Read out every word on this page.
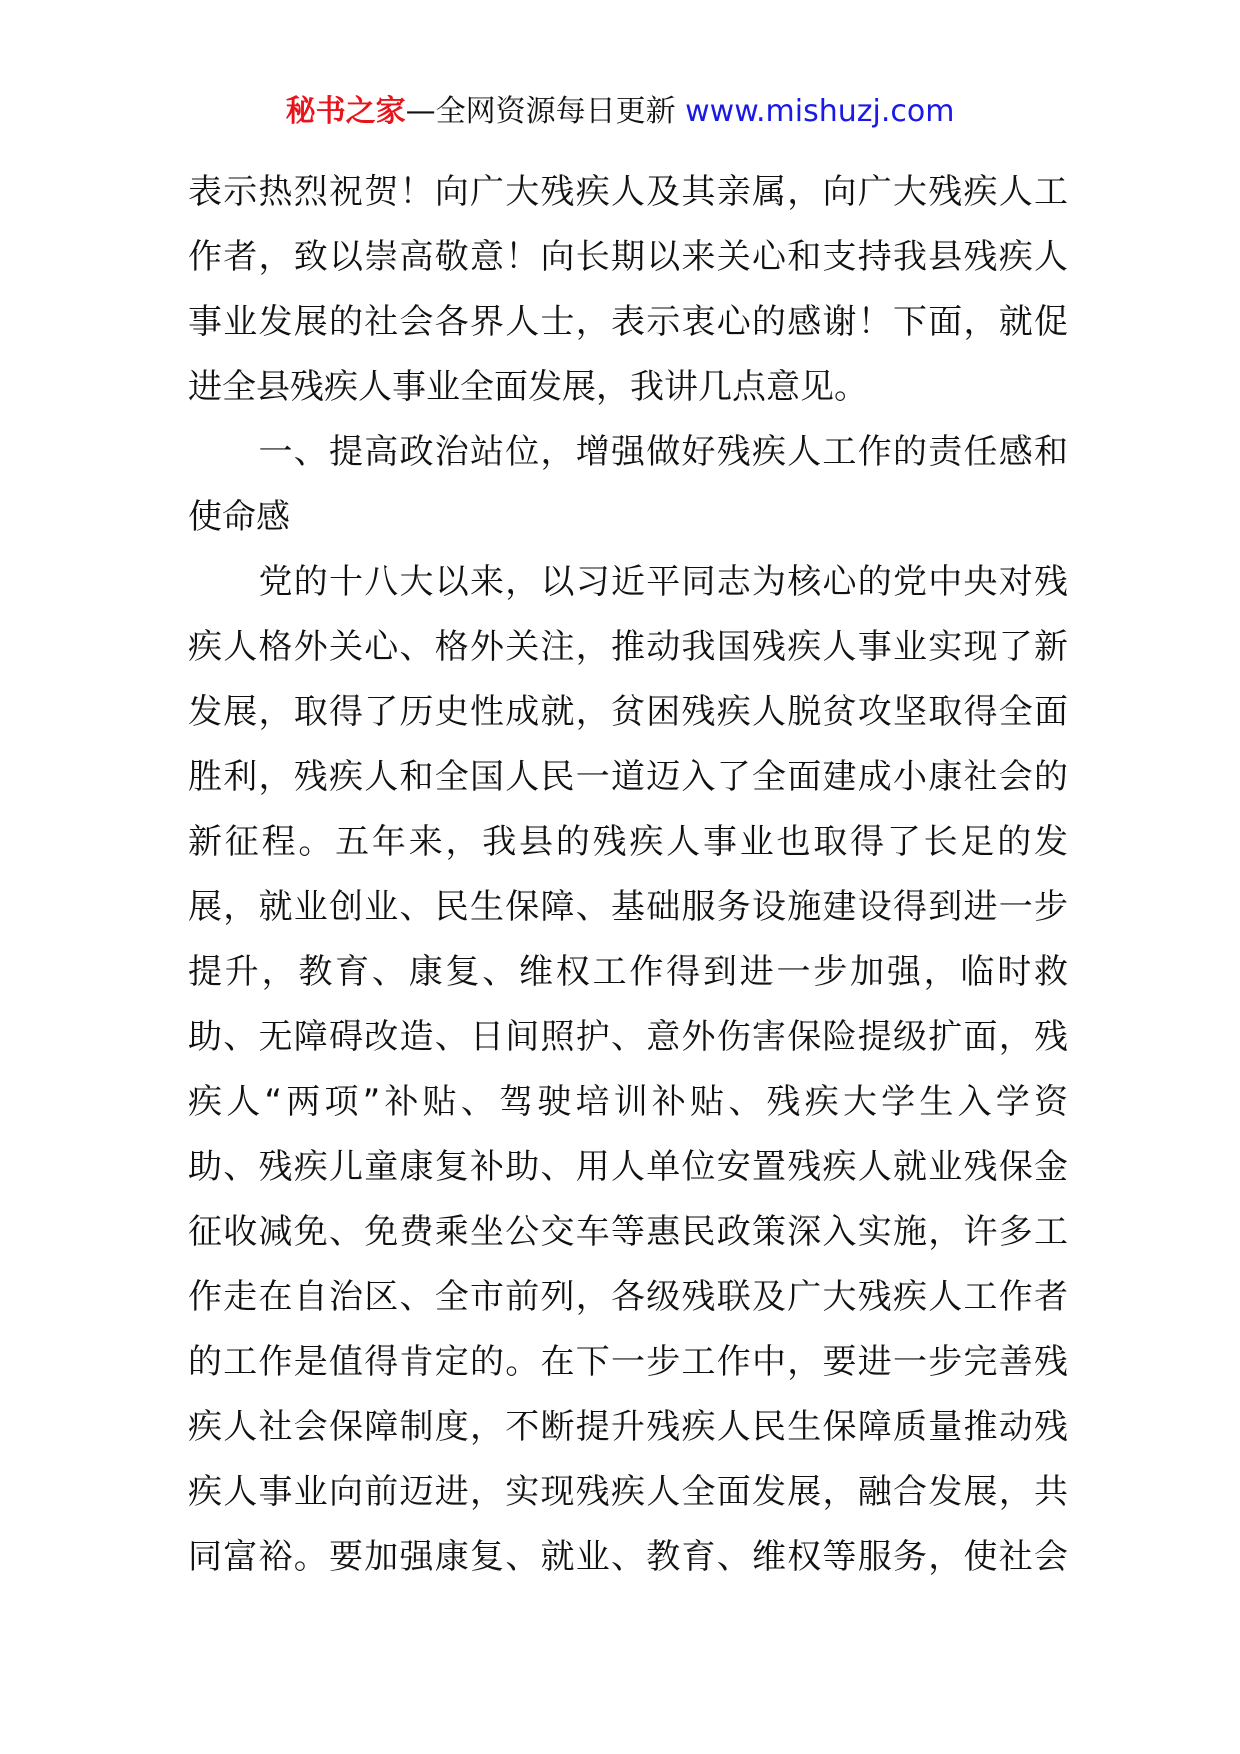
秘书之家—全网资源每日更新 www.mishuzj.com
表示热烈祝贺！向广大残疾人及其亲属，向广大残疾人工
作者，致以崇高敬意！向长期以来关心和支持我县残疾人
事业发展的社会各界人士，表示衷心的感谢！下面，就促
进全县残疾人事业全面发展，我讲几点意见。
　　一、提高政治站位，增强做好残疾人工作的责任感和
使命感
　　党的十八大以来，以习近平同志为核心的党中央对残
疾人格外关心、格外关注，推动我国残疾人事业实现了新
发展，取得了历史性成就，贫困残疾人脱贫攻坚取得全面
胜利，残疾人和全国人民一道迈入了全面建成小康社会的
新征程。五年来，我县的残疾人事业也取得了长足的发
展，就业创业、民生保障、基础服务设施建设得到进一步
提升，教育、康复、维权工作得到进一步加强，临时救
助、无障碍改造、日间照护、意外伤害保险提级扩面，残
疾人“两项”补贴、驾驶培训补贴、残疾大学生入学资
助、残疾儿童康复补助、用人单位安置残疾人就业残保金
征收减免、免费乘坐公交车等惠民政策深入实施，许多工
作走在自治区、全市前列，各级残联及广大残疾人工作者
的工作是值得肯定的。在下一步工作中，要进一步完善残
疾人社会保障制度，不断提升残疾人民生保障质量推动残
疾人事业向前迈进，实现残疾人全面发展，融合发展，共
同富裕。要加强康复、就业、教育、维权等服务，使社会
